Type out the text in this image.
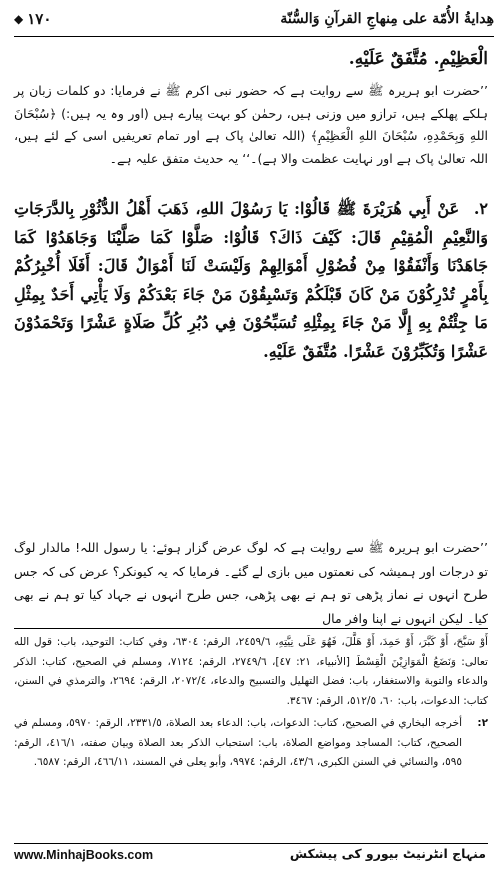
◆ ١٧٠	هِدايةُ الأُمّة علی مِنهاجِ القرآنِ وَالسُّنّة
الْعَظِيْمِ. مُتَّفَقٌ عَلَيْهِ.
’’حضرت ابو ہریرہ ﷺ سے روایت ہے کہ حضور نبی اکرم ﷺ نے فرمایا: دو کلمات زبان پر ہلکے پھلکے ہیں، ترازو میں وزنی ہیں، رحمٰن کو بہت پیارے ہیں (اور وہ یہ ہیں:) ﴿سُبْحَانَ اللهِ وَبِحَمْدِهِ، سُبْحَانَ اللهِ الْعَظِيْمِ﴾ (اللہ تعالیٰ پاک ہے اور تمام تعریفیں اسی کے لئے ہیں، اللہ تعالیٰ پاک ہے اور نہایت عظمت والا ہے)۔‘‘ یہ حدیث متفق علیہ ہے۔
٢. عَنْ أَبِي هُرَيْرَةَ ﷺ قَالُوْا: يَا رَسُوْلَ اللهِ، ذَهَبَ أَهْلُ الدُّثُوْرِ بِالدَّرَجَاتِ وَالنَّعِيْمِ الْمُقِيْمِ قَالَ: كَيْفَ ذَاكَ؟ قَالُوْا: صَلَّوْا كَمَا صَلَّيْنَا وَجَاهَدُوْا كَمَا جَاهَدْنَا وَأَنْفَقُوْا مِنْ فُضُوْلِ أَمْوَالِهِمْ وَلَيْسَتْ لَنَا أَمْوَالٌ قَالَ: أَفَلَا أُخْبِرُكُمْ بِأَمْرٍ تُدْرِكُوْنَ مَنْ كَانَ قَبْلَكُمْ وَتَسْبِقُوْنَ مَنْ جَاءَ بَعْدَكُمْ وَلَا يَأْتِي أَحَدٌ بِمِثْلِ مَا جِئْتُمْ بِهِ إِلَّا مَنْ جَاءَ بِمِثْلِهِ تُسَبِّحُوْنَ فِي دُبُرِ كُلِّ صَلَاةٍ عَشْرًا وَتَحْمَدُوْنَ عَشْرًا وَتُكَبِّرُوْنَ عَشْرًا. مُتَّفَقٌ عَلَيْهِ.
’’حضرت ابو ہریرہ ﷺ سے روایت ہے کہ لوگ عرض گزار ہوئے: یا رسول اللہ! مالدار لوگ تو درجات اور ہمیشہ کی نعمتوں میں بازی لے گئے۔ فرمایا کہ یہ کیونکر؟ عرض کی کہ جس طرح انہوں نے نماز پڑھی تو ہم نے بھی پڑھی، جس طرح انہوں نے جہاد کیا تو ہم نے بھی کیا۔ لیکن انہوں نے اپنا وافر مال
أَوْ سَبَّحَ، أَوْ كَبَّرَ، أَوْ حَمِدَ، أَوْ هَلَّلَ، فَهُوَ عَلَى نِيَّتِهِ، ٢٤٥٩/٦، الرقم: ٦٣٠٤، وفي كتاب: التوحيد، باب: قول الله تعالى: وَنَضَعُ الْمَوَازِيْنَ الْقِسْطَ [الأنبياء، ٢١: ٤٧]، ٢٧٤٩/٦، الرقم: ٧١٢٤، ومسلم في الصحيح، كتاب: الذكر والدعاء والتوبة والاستغفار، باب: فضل التهليل والتسبيح والدعاء، ٢٠٧٢/٤، الرقم: ٢٦٩٤، والترمذي في السنن، كتاب: الدعوات، باب: ٦٠، ٥١٢/٥، الرقم: ٣٤٦٧.
٢:
أخرجه البخاري في الصحيح، كتاب: الدعوات، باب: الدعاء بعد الصلاة، ٢٣٣١/٥، الرقم: ٥٩٧٠، ومسلم في الصحيح، كتاب: المساجد ومواضع الصلاة، باب: استحباب الذكر بعد الصلاة وبيان صفته، ٤١٦/١، الرقم: ٥٩٥، والنسائي في السنن الكبرى، ٤٣/٦، الرقم: ٩٩٧٤، وأبو يعلى في المسند، ٤٦٦/١١، الرقم: ٦٥٨٧.
www.MinhajBooks.com	منہاج انٹرنیٹ بیورو کی پیشکش
